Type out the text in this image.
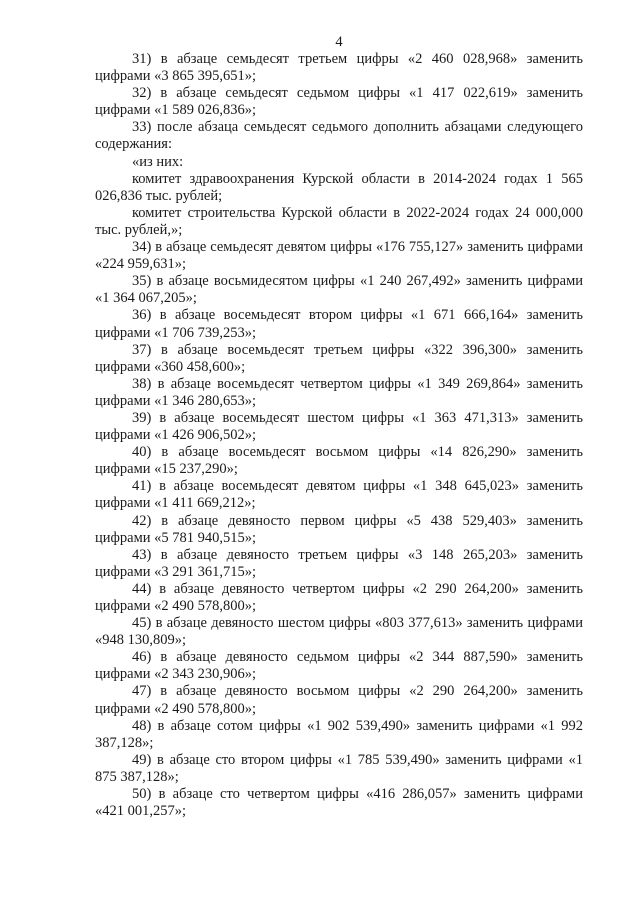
4

31) в абзаце семьдесят третьем цифры «2 460 028,968» заменить цифрами «3 865 395,651»;

32) в абзаце семьдесят седьмом цифры «1 417 022,619» заменить цифрами «1 589 026,836»;

33) после абзаца семьдесят седьмого дополнить абзацами следующего содержания:

«из них:

комитет здравоохранения Курской области в 2014-2024 годах 1 565 026,836 тыс. рублей;

комитет строительства Курской области в 2022-2024 годах 24 000,000 тыс. рублей,»;

34) в абзаце семьдесят девятом цифры «176 755,127» заменить цифрами «224 959,631»;

35) в абзаце восьмидесятом цифры «1 240 267,492» заменить цифрами «1 364 067,205»;

36) в абзаце восемьдесят втором цифры «1 671 666,164» заменить цифрами «1 706 739,253»;

37) в абзаце восемьдесят третьем цифры «322 396,300» заменить цифрами «360 458,600»;

38) в абзаце восемьдесят четвертом цифры «1 349 269,864» заменить цифрами «1 346 280,653»;

39) в абзаце восемьдесят шестом цифры «1 363 471,313» заменить цифрами «1 426 906,502»;

40) в абзаце восемьдесят восьмом цифры «14 826,290» заменить цифрами «15 237,290»;

41) в абзаце восемьдесят девятом цифры «1 348 645,023» заменить цифрами «1 411 669,212»;

42) в абзаце девяносто первом цифры «5 438 529,403» заменить цифрами «5 781 940,515»;

43) в абзаце девяносто третьем цифры «3 148 265,203» заменить цифрами «3 291 361,715»;

44) в абзаце девяносто четвертом цифры «2 290 264,200» заменить цифрами «2 490 578,800»;

45) в абзаце девяносто шестом цифры «803 377,613» заменить цифрами «948 130,809»;

46) в абзаце девяносто седьмом цифры «2 344 887,590» заменить цифрами «2 343 230,906»;

47) в абзаце девяносто восьмом цифры «2 290 264,200» заменить цифрами «2 490 578,800»;

48) в абзаце сотом цифры «1 902 539,490» заменить цифрами «1 992 387,128»;

49) в абзаце сто втором цифры «1 785 539,490» заменить цифрами «1 875 387,128»;

50) в абзаце сто четвертом цифры «416 286,057» заменить цифрами «421 001,257»;
